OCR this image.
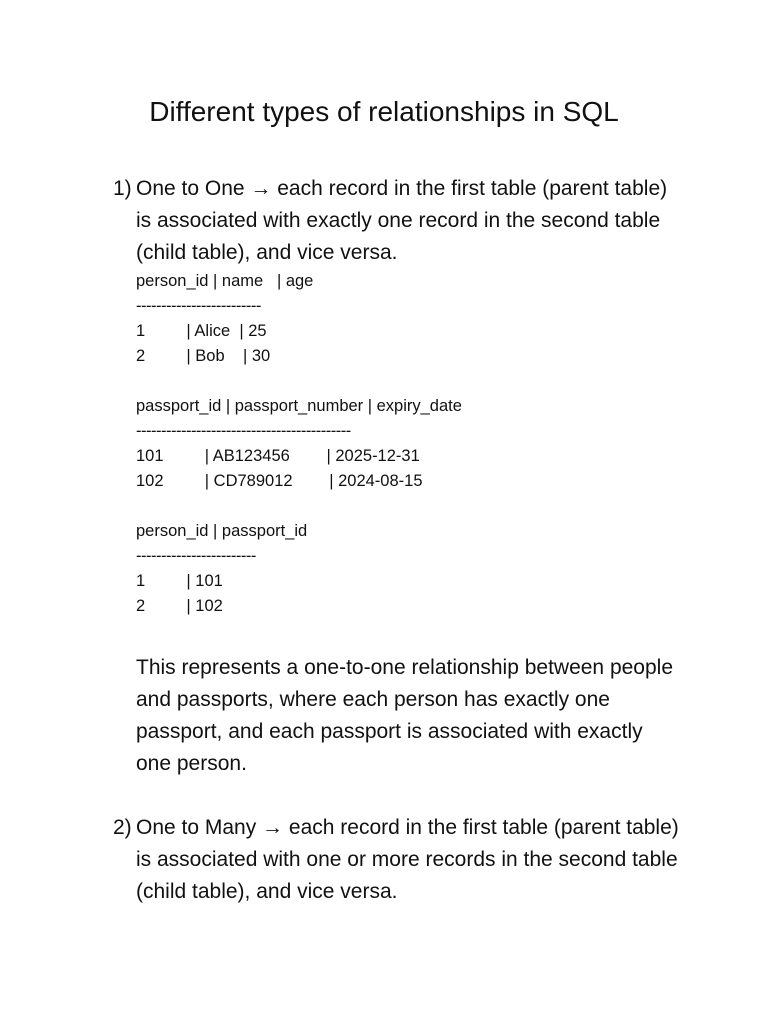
Different types of relationships in SQL
1) One to One → each record in the first table (parent table) is associated with exactly one record in the second table (child table), and vice versa.
person_id | name   | age
-------------------------
1         | Alice  | 25
2         | Bob    | 30
passport_id | passport_number | expiry_date
-------------------------------------------
101         | AB123456        | 2025-12-31
102         | CD789012        | 2024-08-15
person_id | passport_id
------------------------
1         | 101
2         | 102

This represents a one-to-one relationship between people and passports, where each person has exactly one passport, and each passport is associated with exactly one person.

2) One to Many → each record in the first table (parent table) is associated with one or more records in the second table (child table), and vice versa.
